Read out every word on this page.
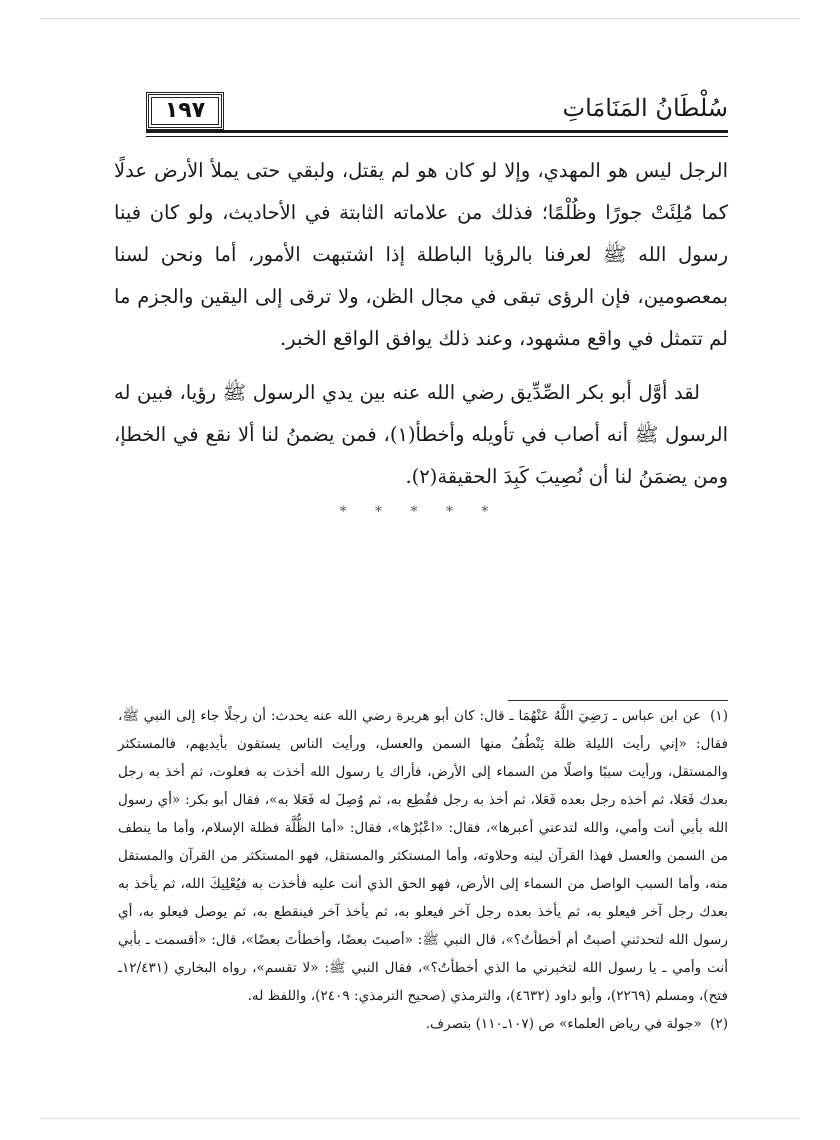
سُلْطَانُ المَنَامَاتِ
١٩٧

الرجل ليس هو المهدي، وإلا لو كان هو لم يقتل، ولبقي حتى يملأ الأرض عدلًا كما مُلِئَتْ جورًا وظُلْمًا؛ فذلك من علاماته الثابتة في الأحاديث، ولو كان فينا رسول الله ﷺ لعرفنا بالرؤيا الباطلة إذا اشتبهت الأمور، أما ونحن لسنا بمعصومين، فإن الرؤى تبقى في مجال الظن، ولا ترقى إلى اليقين والجزم ما لم تتمثل في واقع مشهود، وعند ذلك يوافق الواقع الخبر.

لقد أوَّل أبو بكر الصِّدِّيق رضي الله عنه بين يدي الرسول ﷺ رؤيا، فبين له الرسول ﷺ أنه أصاب في تأويله وأخطأ(١)، فمن يضمنُ لنا ألا نقع في الخطإ، ومن يضمَنُ لنا أن نُصِيبَ كَبِدَ الحقيقة(٢).

* * * * *

(١) عن ابن عباس ـ رَضِيَ اللَّهُ عَنْهُمَا ـ قال: كان أبو هريرة رضي الله عنه يحدث: أن رجلًا جاء إلى النبي ﷺ، فقال: «إني رأيت الليلة ظلة يَنْطُفُ منها السمن والعسل، ورأيت الناس يستقون بأيديهم، فالمستكثر والمستقل، ورأيت سببًا واصلًا من السماء إلى الأرض، فأراك يا رسول الله أخذت به فعلوت، ثم أخذ به رجل بعدك فَعَلا، ثم أخذه رجل بعده فَعَلا، ثم أخذ به رجل فقُطِع به، ثم وُصِلَ له فَعَلا به»، فقال أبو بكر: «أي رسول الله بأبي أنت وأمي، والله لتدعني أعبرها»، فقال: «اعْبُرْها»، فقال: «أما الظُّلَّة فظلة الإسلام، وأما ما ينطف من السمن والعسل فهذا القرآن لينه وحلاوته، وأما المستكثر والمستقل، فهو المستكثر من القرآن والمستقل منه، وأما السبب الواصل من السماء إلى الأرض، فهو الحق الذي أنت عليه فأخذت به فيُعْلِيكَ الله، ثم يأخذ به بعدك رجل آخر فيعلو به، ثم يأخذ بعده رجل آخر فيعلو به، ثم يأخذ آخر فينقطع به، ثم يوصل فيعلو به، أي رسول الله لتحدثني أصبتُ أم أخطأتُ؟»، قال النبي ﷺ: «أصبتَ بعضًا، وأخطأتَ بعضًا»، قال: «أقسمت ـ بأبي أنت وأمي ـ يا رسول الله لتخبرني ما الذي أخطأتُ؟»، فقال النبي ﷺ: «لا تقسم»، رواه البخاري (١٢/٤٣١ـ فتح)، ومسلم (٢٢٦٩)، وأبو داود (٤٦٣٢)، والترمذي (صحيح الترمذي: ٢٤٠٩)، واللفظ له.

(٢) «جولة في رياض العلماء» ص (١٠٧ـ١١٠) بتصرف.
